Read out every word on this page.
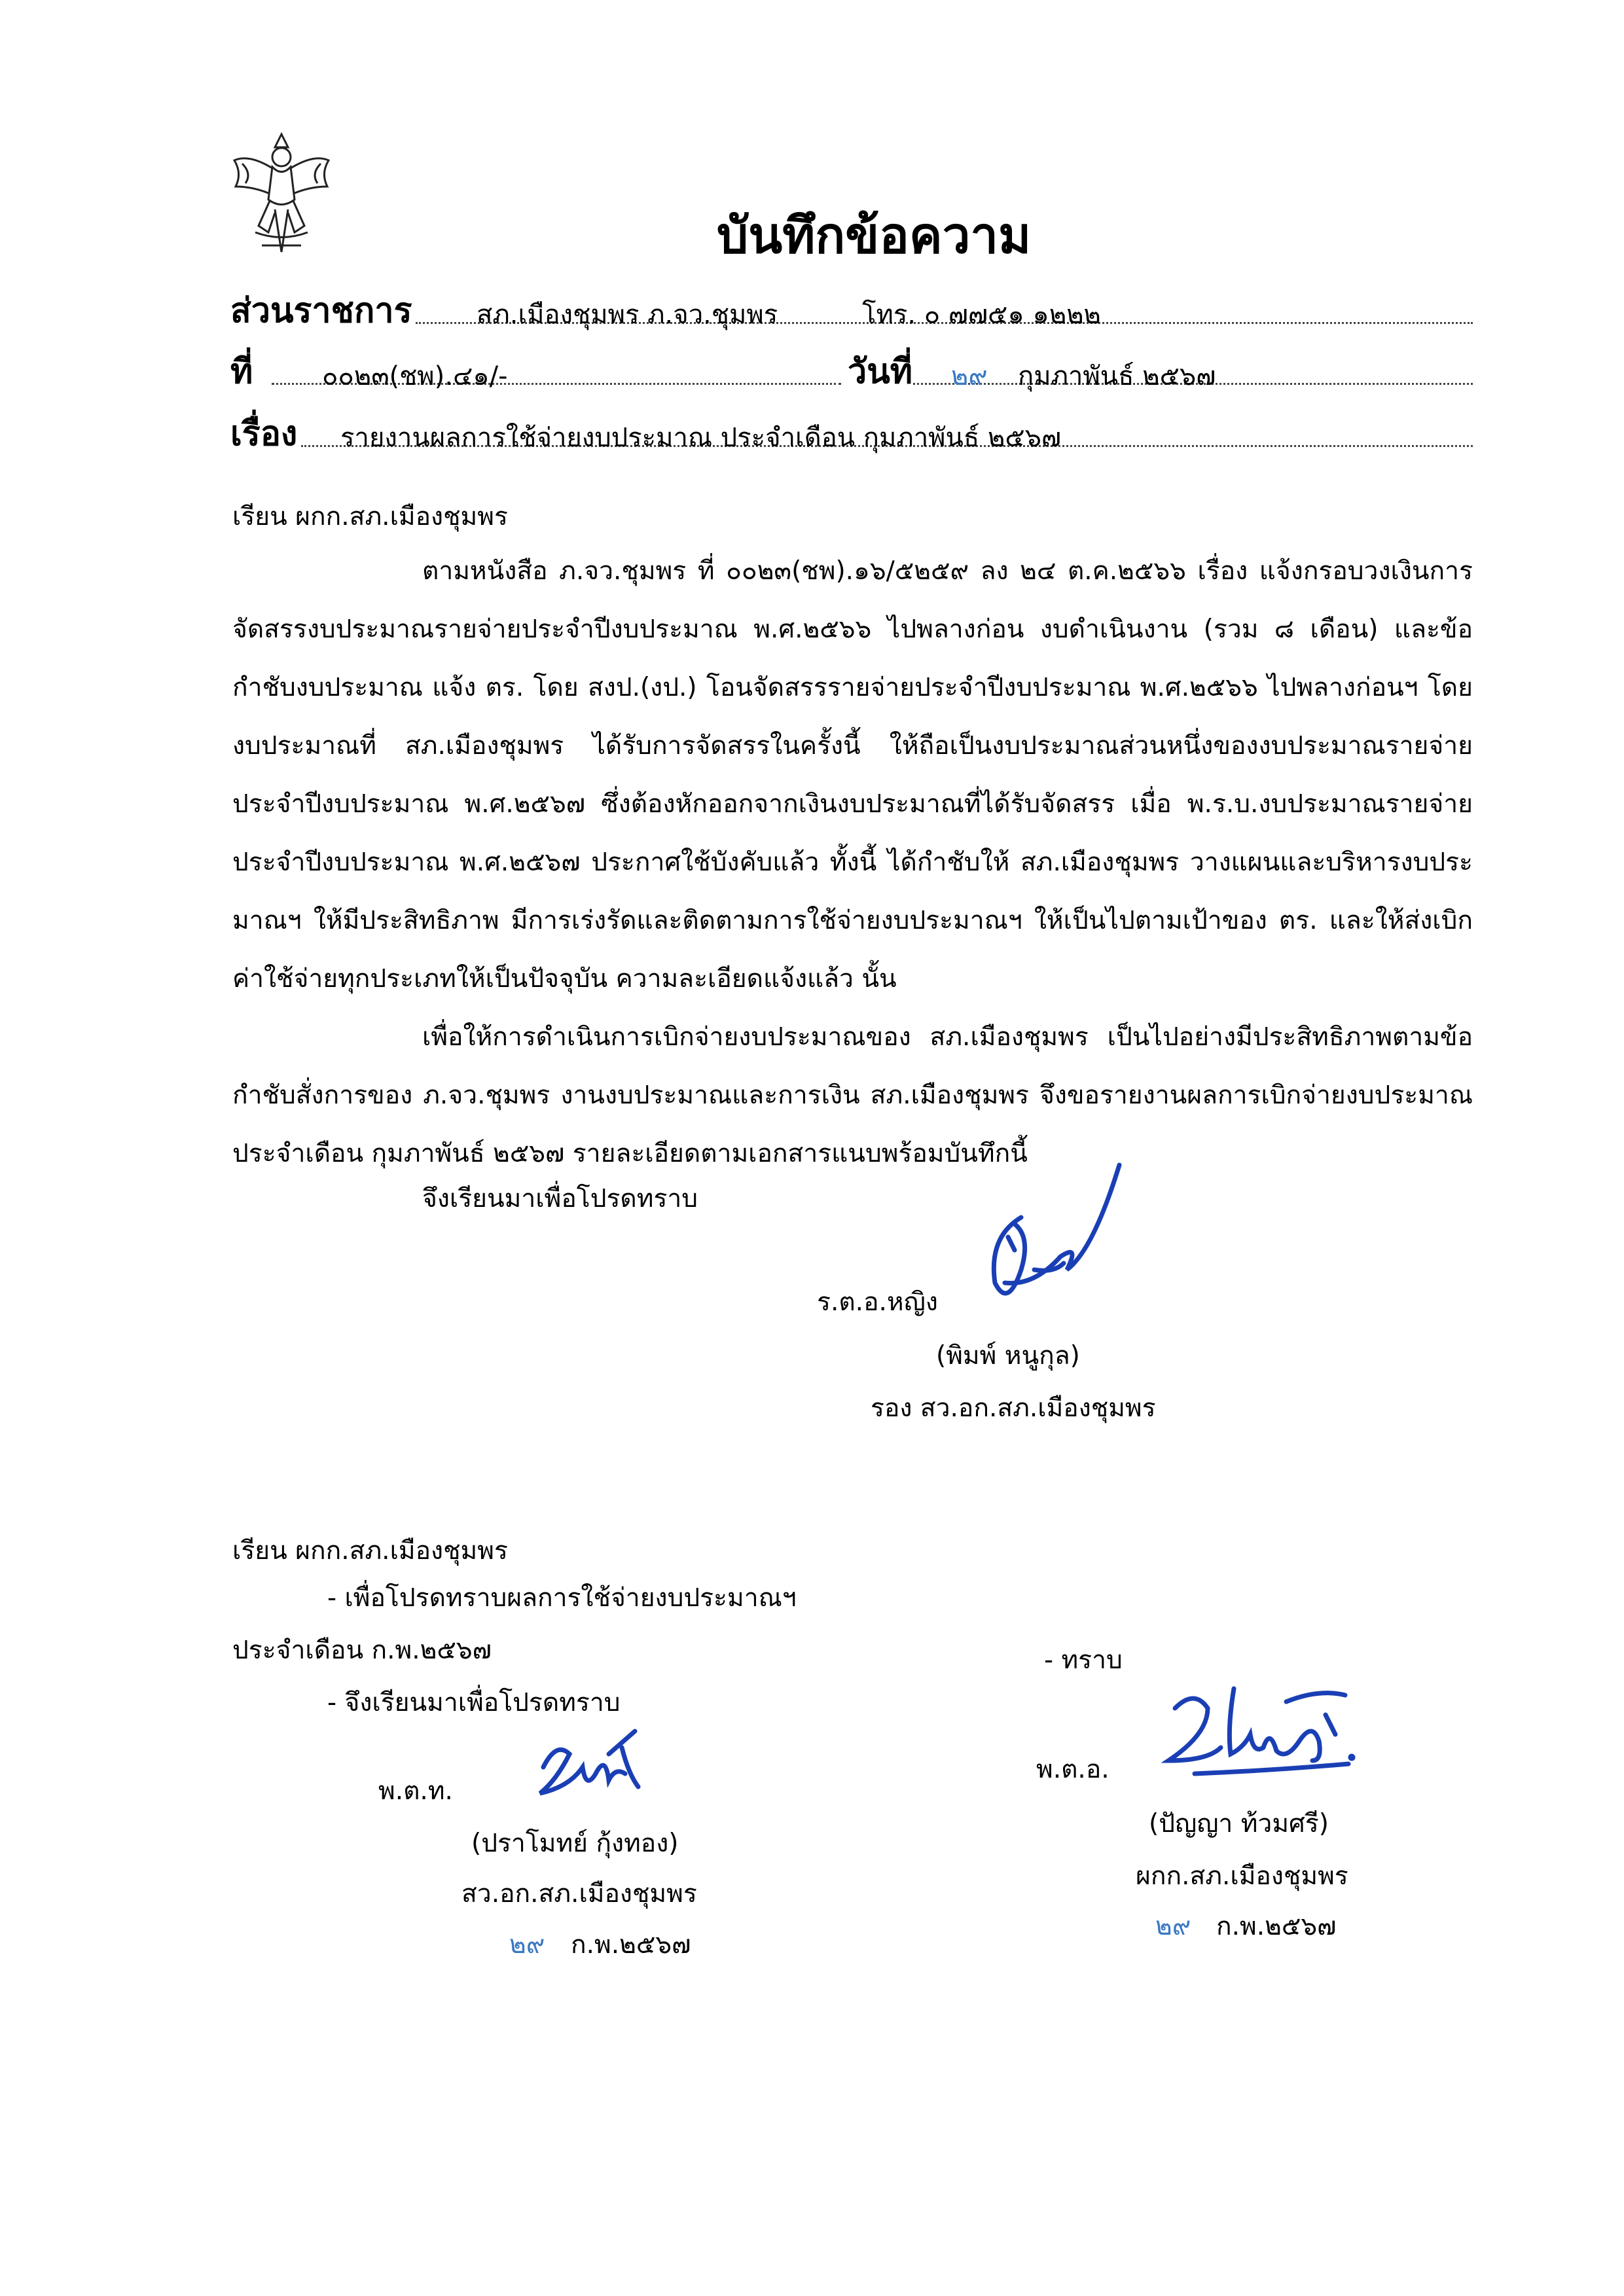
บันทึกข้อความ
ส่วนราชการ สภ.เมืองชุมพร ภ.จว.ชุมพร	โทร. ๐ ๗๗๕๑ ๑๒๒๒
ที่	๐๐๒๓(ชพ).๔๑/-	วันที่ ๒๙ กุมภาพันธ์ ๒๕๖๗
เรื่อง รายงานผลการใช้จ่ายงบประมาณ ประจำเดือน กุมภาพันธ์ ๒๕๖๗
เรียน ผกก.สภ.เมืองชุมพร
ตามหนังสือ ภ.จว.ชุมพร ที่ ๐๐๒๓(ชพ).๑๖/๕๒๕๙ ลง ๒๔ ต.ค.๒๕๖๖ เรื่อง แจ้งกรอบวงเงินการจัดสรรงบประมาณรายจ่ายประจำปีงบประมาณ พ.ศ.๒๕๖๖ ไปพลางก่อน งบดำเนินงาน (รวม ๘ เดือน) และข้อกำชับงบประมาณ แจ้ง ตร. โดย สงป.(งป.) โอนจัดสรรรายจ่ายประจำปีงบประมาณ พ.ศ.๒๕๖๖ ไปพลางก่อนฯ โดยงบประมาณที่ สภ.เมืองชุมพร ได้รับการจัดสรรในครั้งนี้ ให้ถือเป็นงบประมาณส่วนหนึ่งของงบประมาณรายจ่ายประจำปีงบประมาณ พ.ศ.๒๕๖๗ ซึ่งต้องหักออกจากเงินงบประมาณที่ได้รับจัดสรร เมื่อ พ.ร.บ.งบประมาณรายจ่ายประจำปีงบประมาณ พ.ศ.๒๕๖๗ ประกาศใช้บังคับแล้ว ทั้งนี้ ได้กำชับให้ สภ.เมืองชุมพร วางแผนและบริหารงบประมาณฯ ให้มีประสิทธิภาพ มีการเร่งรัดและติดตามการใช้จ่ายงบประมาณฯ ให้เป็นไปตามเป้าของ ตร. และให้ส่งเบิกค่าใช้จ่ายทุกประเภทให้เป็นปัจจุบัน ความละเอียดแจ้งแล้ว นั้น
เพื่อให้การดำเนินการเบิกจ่ายงบประมาณของ สภ.เมืองชุมพร เป็นไปอย่างมีประสิทธิภาพตามข้อกำชับสั่งการของ ภ.จว.ชุมพร งานงบประมาณและการเงิน สภ.เมืองชุมพร จึงขอรายงานผลการเบิกจ่ายงบประมาณประจำเดือน กุมภาพันธ์ ๒๕๖๗ รายละเอียดตามเอกสารแนบพร้อมบันทึกนี้
จึงเรียนมาเพื่อโปรดทราบ
ร.ต.อ.หญิง
(พิมพ์ หนูกุล)
รอง สว.อก.สภ.เมืองชุมพร
เรียน ผกก.สภ.เมืองชุมพร
- เพื่อโปรดทราบผลการใช้จ่ายงบประมาณฯ
ประจำเดือน ก.พ.๒๕๖๗
- จึงเรียนมาเพื่อโปรดทราบ
พ.ต.ท.
(ปราโมทย์ กุ้งทอง)
สว.อก.สภ.เมืองชุมพร
๒๙ ก.พ.๒๕๖๗
- ทราบ
พ.ต.อ.
(ปัญญา ท้วมศรี)
ผกก.สภ.เมืองชุมพร
๒๙ ก.พ.๒๕๖๗
